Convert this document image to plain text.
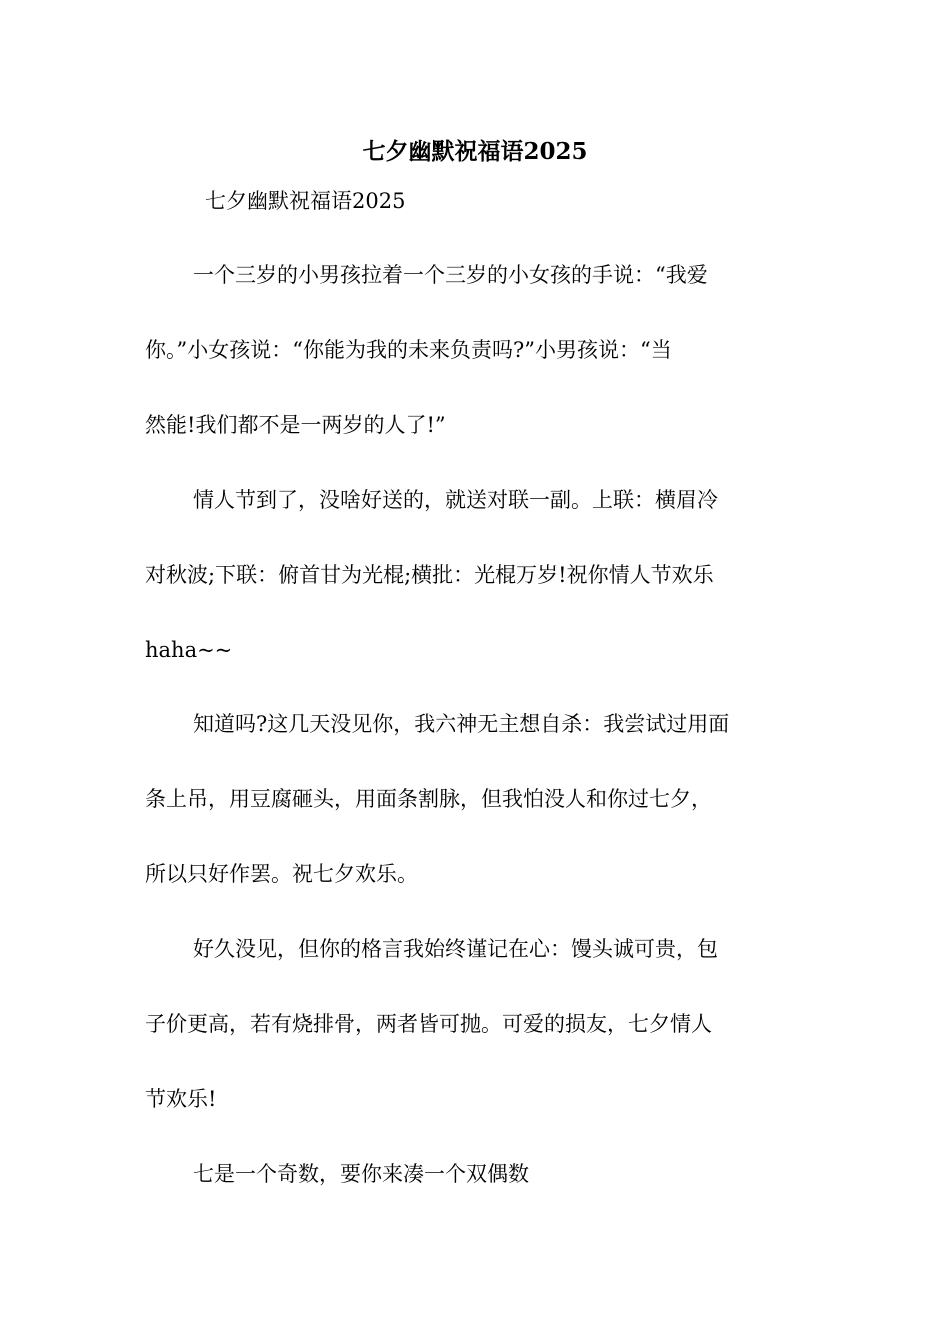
七夕幽默祝福语2025

七夕幽默祝福语2025

一个三岁的小男孩拉着一个三岁的小女孩的手说：“我爱

你。”小女孩说：“你能为我的未来负责吗?”小男孩说：“当

然能!我们都不是一两岁的人了!”

情人节到了，没啥好送的，就送对联一副。上联：横眉冷

对秋波;下联：俯首甘为光棍;横批：光棍万岁!祝你情人节欢乐

haha~~

知道吗?这几天没见你，我六神无主想自杀：我尝试过用面

条上吊，用豆腐砸头，用面条割脉，但我怕没人和你过七夕，

所以只好作罢。祝七夕欢乐。

好久没见，但你的格言我始终谨记在心：馒头诚可贵，包

子价更高，若有烧排骨，两者皆可抛。可爱的损友，七夕情人

节欢乐!

七是一个奇数，要你来凑一个双偶数
